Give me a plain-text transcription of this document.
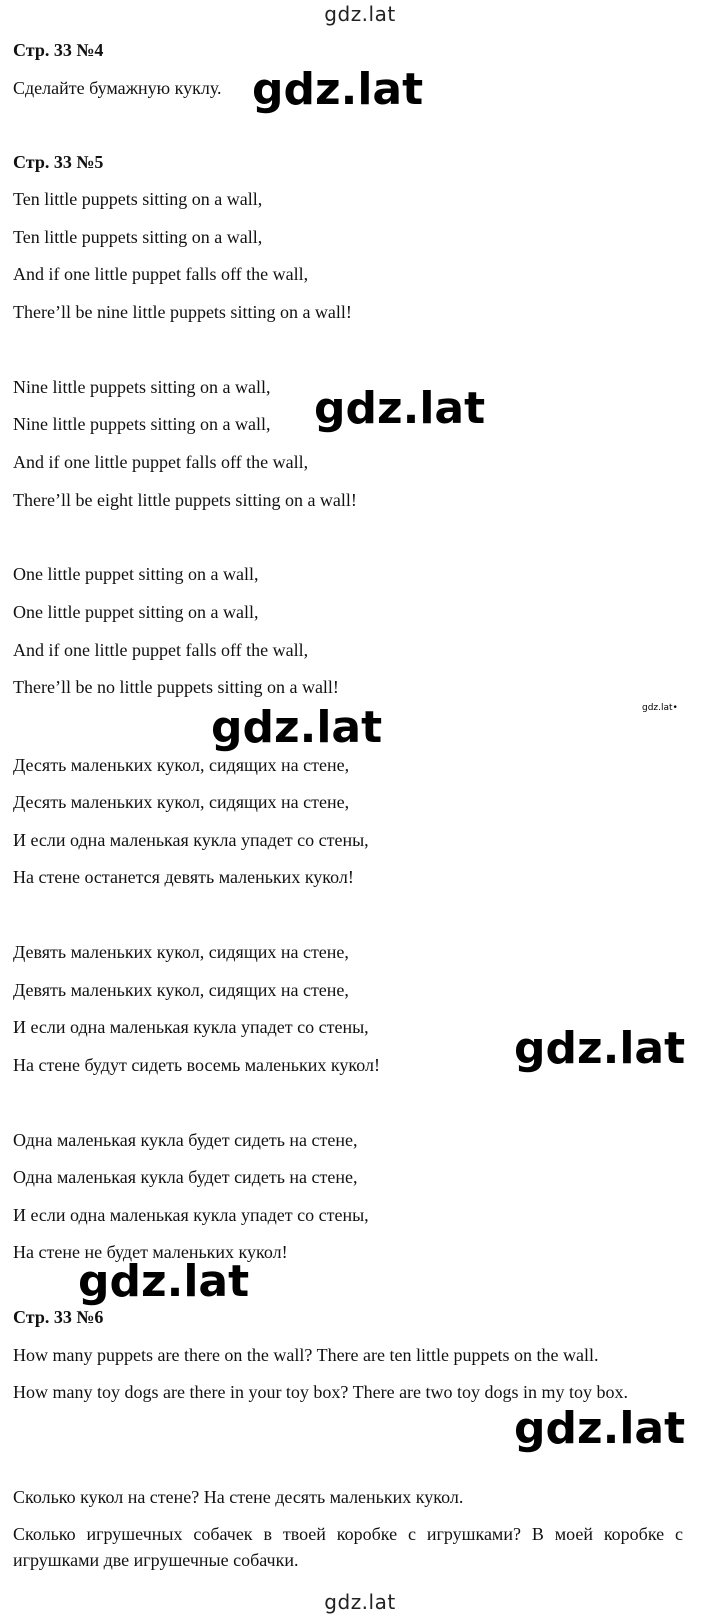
gdz.lat
Стр. 33 №4
Сделайте бумажную куклу.
Стр. 33 №5
Ten little puppets sitting on a wall,
Ten little puppets sitting on a wall,
And if one little puppet falls off the wall,
There’ll be nine little puppets sitting on a wall!
Nine little puppets sitting on a wall,
Nine little puppets sitting on a wall,
And if one little puppet falls off the wall,
There’ll be eight little puppets sitting on a wall!
One little puppet sitting on a wall,
One little puppet sitting on a wall,
And if one little puppet falls off the wall,
There’ll be no little puppets sitting on a wall!
Десять маленьких кукол, сидящих на стене,
Десять маленьких кукол, сидящих на стене,
И если одна маленькая кукла упадет со стены,
На стене останется девять маленьких кукол!
Девять маленьких кукол, сидящих на стене,
Девять маленьких кукол, сидящих на стене,
И если одна маленькая кукла упадет со стены,
На стене будут сидеть восемь маленьких кукол!
Одна маленькая кукла будет сидеть на стене,
Одна маленькая кукла будет сидеть на стене,
И если одна маленькая кукла упадет со стены,
На стене не будет маленьких кукол!
Стр. 33 №6
How many puppets are there on the wall? There are ten little puppets on the wall.
How many toy dogs are there in your toy box? There are two toy dogs in my toy box.
Сколько кукол на стене? На стене десять маленьких кукол.
Сколько игрушечных собачек в твоей коробке с игрушками? В моей коробке с игрушками две игрушечные собачки.
gdz.lat
gdz.lat
gdz.lat
gdz.lat
gdz.lat
gdz.lat
gdz.lat•
gdz.lat
